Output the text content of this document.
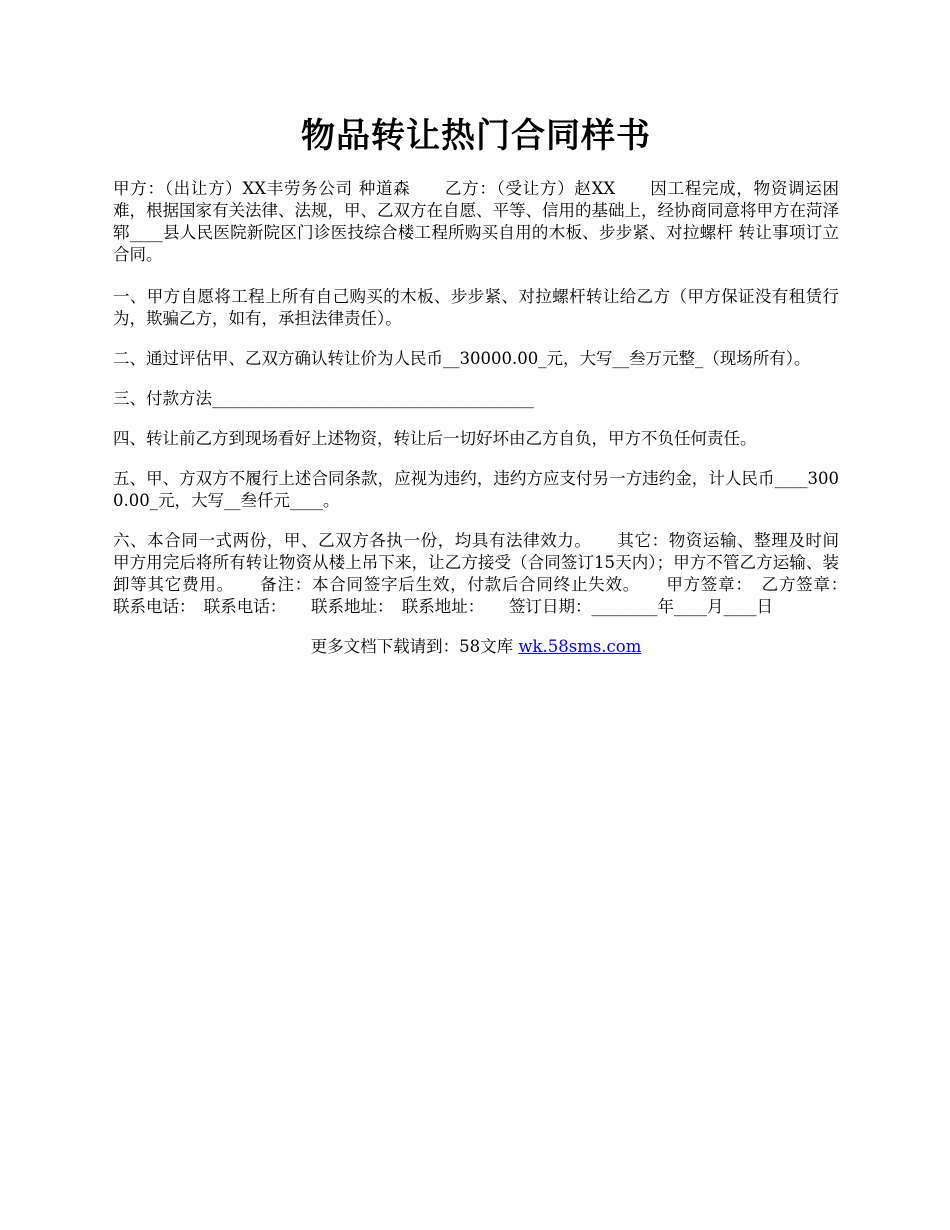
物品转让热门合同样书

甲方：（出让方）XX丰劳务公司 种道森　　乙方：（受让方）赵XX　　因工程完成，物资调运困难，根据国家有关法律、法规，甲、乙双方在自愿、平等、信用的基础上，经协商同意将甲方在菏泽郓____县人民医院新院区门诊医技综合楼工程所购买自用的木板、步步紧、对拉螺杆 转让事项订立合同。

一、甲方自愿将工程上所有自己购买的木板、步步紧、对拉螺杆转让给乙方（甲方保证没有租赁行为，欺骗乙方，如有，承担法律责任）。

二、通过评估甲、乙双方确认转让价为人民币__30000.00_元，大写__叁万元整_（现场所有）。

三、付款方法_______________________________________

四、转让前乙方到现场看好上述物资，转让后一切好坏由乙方自负，甲方不负任何责任。

五、甲、方双方不履行上述合同条款，应视为违约，违约方应支付另一方违约金，计人民币____3000.00_元，大写__叁仟元____。

六、本合同一式两份，甲、乙双方各执一份，均具有法律效力。　　其它：物资运输、整理及时间　　甲方用完后将所有转让物资从楼上吊下来，让乙方接受（合同签订15天内）；甲方不管乙方运输、装卸等其它费用。　　备注：本合同签字后生效，付款后合同终止失效。　　甲方签章：　乙方签章：　　联系电话：　联系电话：　　联系地址：　联系地址：　　签订日期：________年____月____日

更多文档下载请到：58文库 wk.58sms.com
